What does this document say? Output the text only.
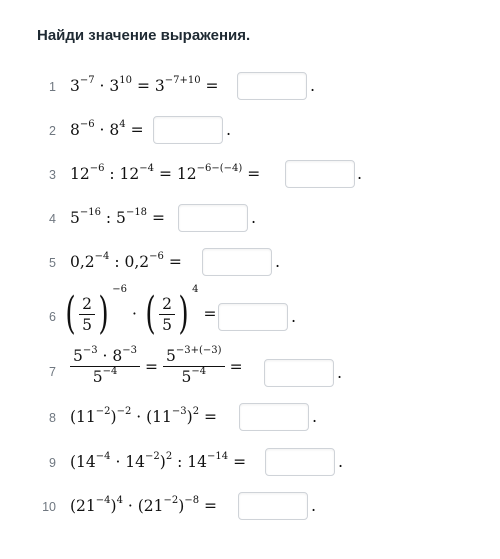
Найди значение выражения.
1 $3^{-7} \cdot 3^{10} = 3^{-7+10}$ =	.
2 $8^{-6} \cdot 8^4$ =	.
3 $12^{-6}$ : $12^{-4} = 12^{-6-(-4)}$ =	.
4 $5^{-16}$ : $5^{-18}$ =	.
5 $0,2^{-4}$ : $0,2^{-6}$ =	.
6 ( $\frac{2}{5}$ ) $^{-6}$· ( $\frac{2}{5}$ ) $^4$=	.
$7 \frac{5^{-3} \cdot 8^{-3}}{5^{-4}} = \frac{5^{-3+(-3)}}{5^{-4}}$ =	.
8 $(11^{-2})^{-2} \cdot (11^{-3})^2$ =	.
9 $(14^{-4} \cdot 14^{-2})^2$ : $14^{-14}$ =	.
10 $(21^{-4})^4 \cdot (21^{-2})^{-8}$ =	.
